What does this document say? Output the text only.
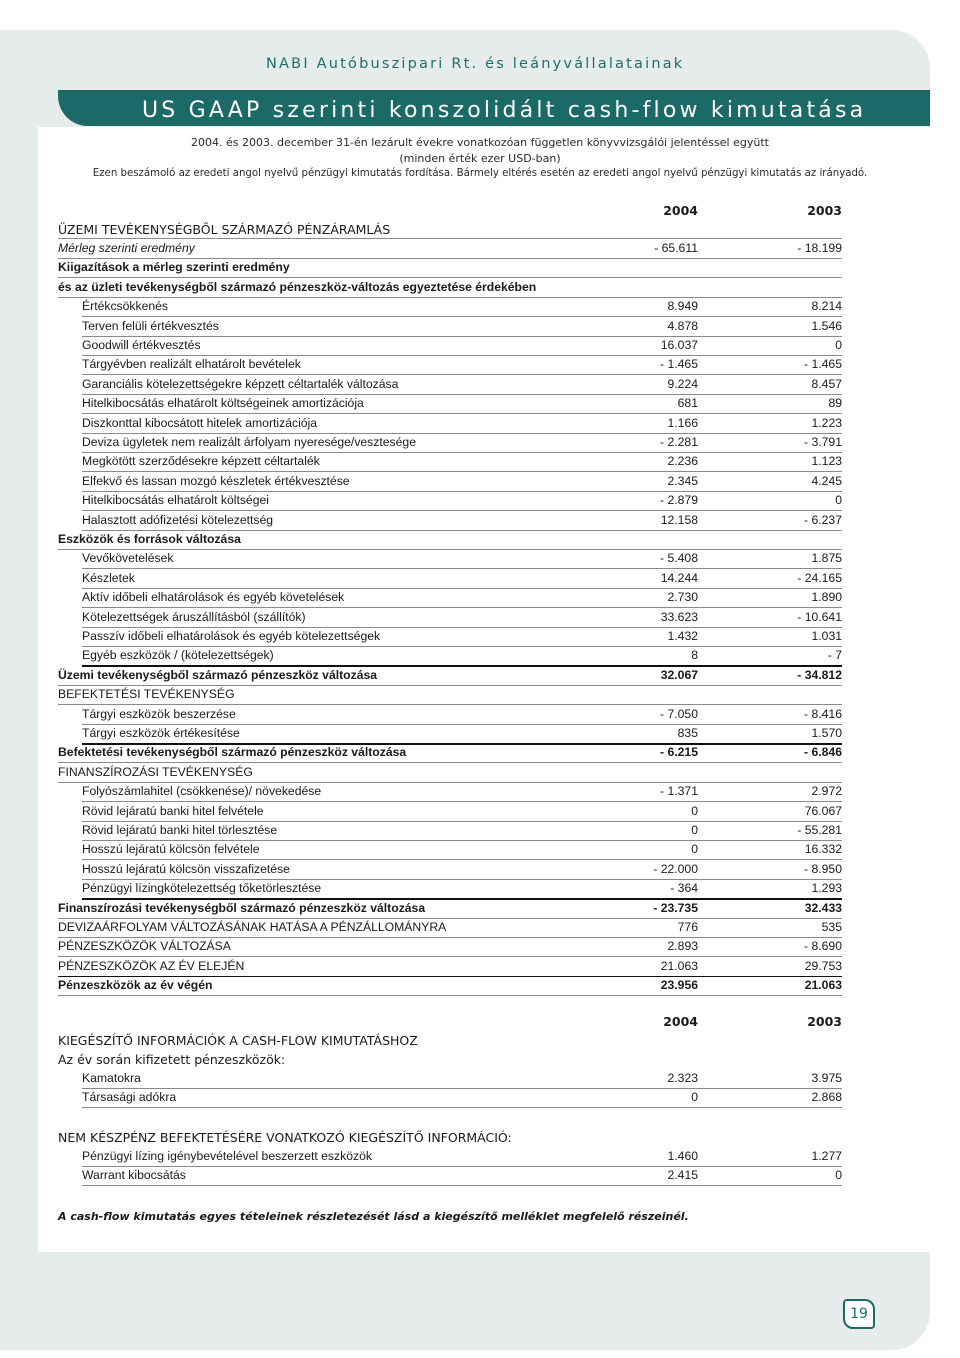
NABI Autóbuszipari Rt. és leányvállalatainak
US GAAP szerinti konszolidált cash-flow kimutatása
2004. és 2003. december 31-én lezárult évekre vonatkozóan független könyvvizsgálói jelentéssel együtt
(minden érték ezer USD-ban)
Ezen beszámoló az eredeti angol nyelvű pénzügyi kimutatás fordítása. Bármely eltérés esetén az eredeti angol nyelvű pénzügyi kimutatás az irányadó.
2004	2003
ÜZEMI TEVÉKENYSÉGBŐL SZÁRMAZÓ PÉNZÁRAMLÁS
Mérleg szerinti eredmény	- 65.611	- 18.199
Kiigazítások a mérleg szerinti eredmény
és az üzleti tevékenységből származó pénzeszköz-változás egyeztetése érdekében
Értékcsökkenés	8.949	8.214
Terven felüli értékvesztés	4.878	1.546
Goodwill értékvesztés	16.037	0
Tárgyévben realizált elhatárolt bevételek	- 1.465	- 1.465
Garanciális kötelezettségekre képzett céltartalék változása	9.224	8.457
Hitelkibocsátás elhatárolt költségeinek amortizációja	681	89
Diszkonttal kibocsátott hitelek amortizációja	1.166	1.223
Deviza ügyletek nem realizált árfolyam nyeresége/vesztesége	- 2.281	- 3.791
Megkötött szerződésekre képzett céltartalék	2.236	1.123
Elfekvő és lassan mozgó készletek értékvesztése	2.345	4.245
Hitelkibocsátás elhatárolt költségei	- 2.879	0
Halasztott adófizetési kötelezettség	12.158	- 6.237
Eszközök és források változása
Vevőkövetelések	- 5.408	1.875
Készletek	14.244	- 24.165
Aktív időbeli elhatárolások és egyéb követelések	2.730	1.890
Kötelezettségek áruszállításból (szállítók)	33.623	- 10.641
Passzív időbeli elhatárolások és egyéb kötelezettségek	1.432	1.031
Egyéb eszközök / (kötelezettségek)	8	- 7
Üzemi tevékenységből származó pénzeszköz változása	32.067	- 34.812
BEFEKTETÉSI TEVÉKENYSÉG
Tárgyi eszközök beszerzése	- 7.050	- 8.416
Tárgyi eszközök értékesítése	835	1.570
Befektetési tevékenységből származó pénzeszköz változása	- 6.215	- 6.846
FINANSZÍROZÁSI TEVÉKENYSÉG
Folyószámlahitel (csökkenése)/ növekedése	- 1.371	2.972
Rövid lejáratú banki hitel felvétele	0	76.067
Rövid lejáratú banki hitel törlesztése	0	- 55.281
Hosszú lejáratú kölcsön felvétele	0	16.332
Hosszú lejáratú kölcsön visszafizetése	- 22.000	- 8.950
Pénzügyi lízingkötelezettség tőketörlesztése	- 364	1.293
Finanszírozási tevékenységből származó pénzeszköz változása	- 23.735	32.433
DEVIZAÁRFOLYAM VÁLTOZÁSÁNAK HATÁSA A PÉNZÁLLOMÁNYRA	776	535
PÉNZESZKÖZÖK VÁLTOZÁSA	2.893	- 8.690
PÉNZESZKÖZÖK AZ ÉV ELEJÉN	21.063	29.753
Pénzeszközök az év végén	23.956	21.063
2004	2003
KIEGÉSZÍTŐ INFORMÁCIÓK A CASH-FLOW KIMUTATÁSHOZ
Az év során kifizetett pénzeszközök:
Kamatokra	2.323	3.975
Társasági adókra	0	2.868
NEM KÉSZPÉNZ BEFEKTETÉSÉRE VONATKOZÓ KIEGÉSZÍTŐ INFORMÁCIÓ:
Pénzügyi lízing igénybevételével beszerzett eszközök	1.460	1.277
Warrant kibocsátás	2.415	0
A cash-flow kimutatás egyes tételeinek részletezését lásd a kiegészítő melléklet megfelelő részeinél.
19
